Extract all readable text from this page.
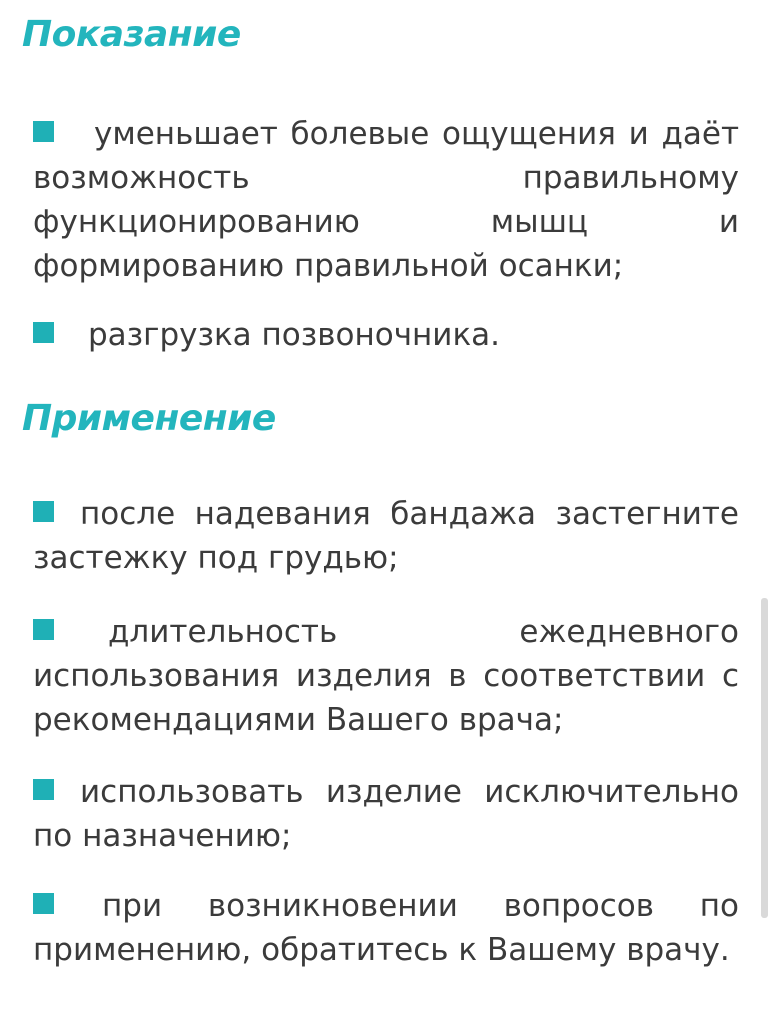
Показание
уменьшает болевые ощущения и даёт возможность правильному функционированию мышц и формированию правильной осанки;
разгрузка позвоночника.
Применение
после надевания бандажа застегните застежку под грудью;
длительность ежедневного использования изделия в соответствии с рекомендациями Вашего врача;
использовать изделие исключительно по назначению;
при возникновении вопросов по применению, обратитесь к Вашему врачу.
